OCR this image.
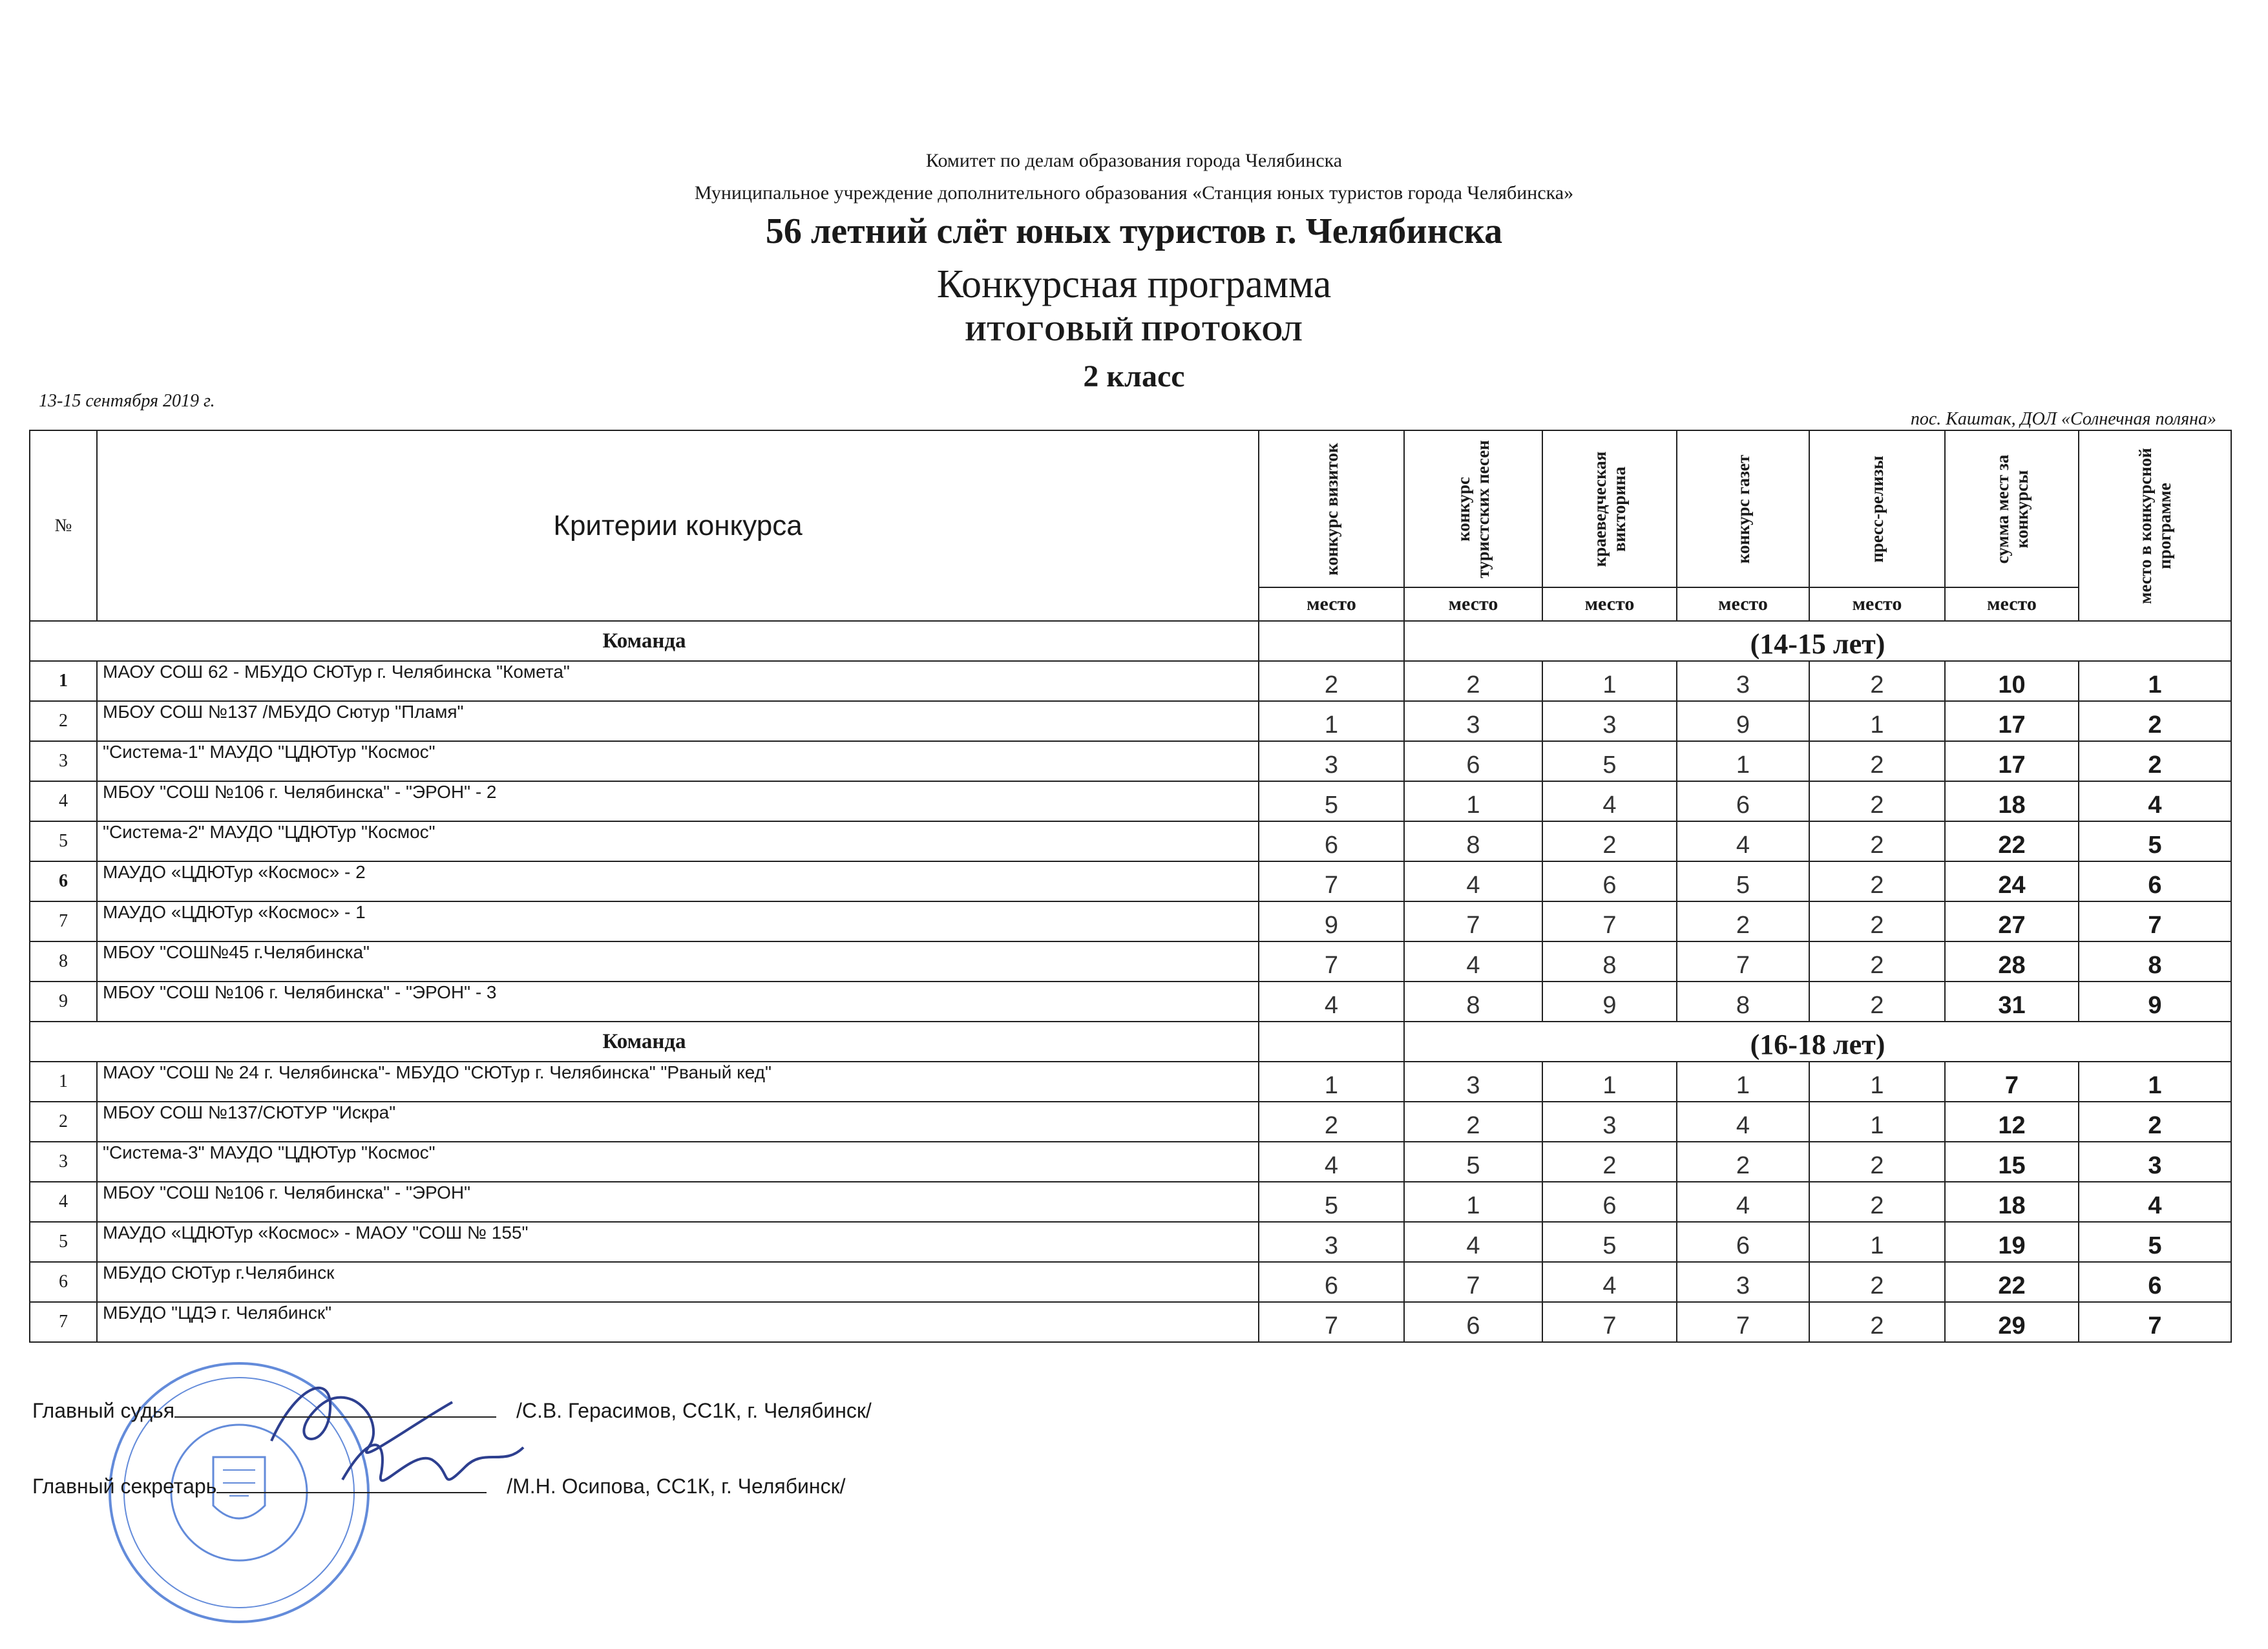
Комитет по делам образования города Челябинска
Муниципальное учреждение дополнительного образования «Станция юных туристов города Челябинска»
56 летний слёт юных туристов г. Челябинска
Конкурсная программа
ИТОГОВЫЙ ПРОТОКОЛ
2 класс
13-15 сентября 2019 г.
пос. Каштак, ДОЛ «Солнечная поляна»
№	Критерии конкурса	конкурс визиток	конкурс туристских песен	краеведческая викторина	конкурс газет	пресс-релизы	сумма мест за конкурсы	место в конкурсной программе

		место	место	место	место	место	место	
Команда			(14-15 лет)					
1	МАОУ СОШ 62 - МБУДО СЮТур г. Челябинска "Комета"	2	2	1	3	2	10	1
2	МБОУ СОШ №137 /МБУДО Сютур "Пламя"	1	3	3	9	1	17	2
3	"Система-1" МАУДО "ЦДЮТур "Космос"	3	6	5	1	2	17	2
4	МБОУ "СОШ №106 г. Челябинска" - "ЭРОН" - 2	5	1	4	6	2	18	4
5	"Система-2" МАУДО "ЦДЮТур "Космос"	6	8	2	4	2	22	5
6	МАУДО «ЦДЮТур «Космос» - 2	7	4	6	5	2	24	6
7	МАУДО «ЦДЮТур «Космос» - 1	9	7	7	2	2	27	7
8	МБОУ "СОШ№45 г.Челябинска"	7	4	8	7	2	28	8
9	МБОУ "СОШ №106 г. Челябинска" - "ЭРОН" - 3	4	8	9	8	2	31	9
Команда			(16-18 лет)					
1	МАОУ "СОШ № 24 г. Челябинска"- МБУДО "СЮТур г. Челябинска" "Рваный кед"	1	3	1	1	1	7	1
2	МБОУ СОШ №137/СЮТУР "Искра"	2	2	3	4	1	12	2
3	"Система-3" МАУДО "ЦДЮТур "Космос"	4	5	2	2	2	15	3
4	МБОУ "СОШ №106 г. Челябинска" - "ЭРОН"	5	1	6	4	2	18	4
5	МАУДО «ЦДЮТур «Космос» - МАОУ "СОШ № 155"	3	4	5	6	1	19	5
6	МБУДО СЮТур г.Челябинск	6	7	4	3	2	22	6
7	МБУДО "ЦДЭ г. Челябинск"	7	6	7	7	2	29	7
Главный судья	/С.В. Герасимов, СС1К, г. Челябинск/
Главный секретарь	/М.Н. Осипова, СС1К, г. Челябинск/
